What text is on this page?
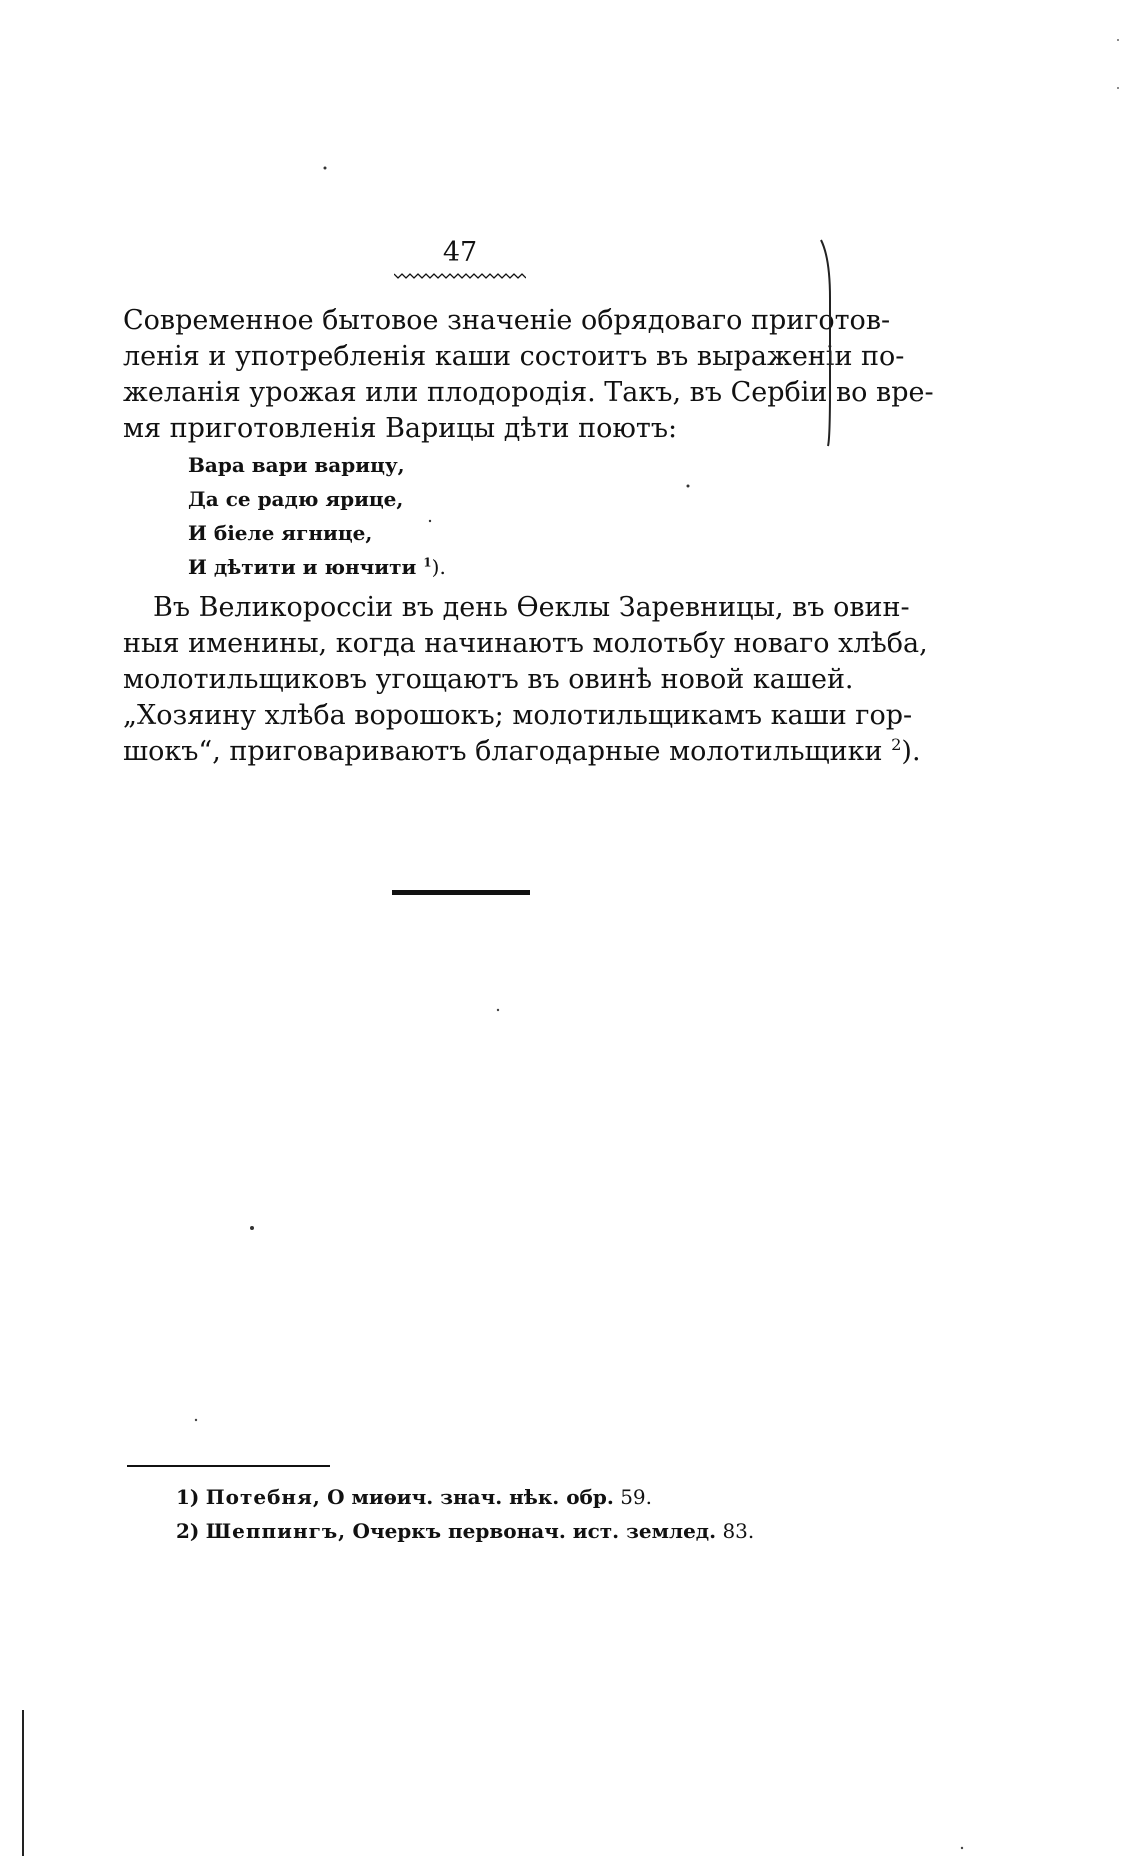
47
Современное бытовое значеніе обрядоваго приготов-
ленія и употребленія каши состоитъ въ выраженіи по-
желанія урожая или плодородія. Такъ, въ Сербіи во вре-
мя приготовленія Варицы дѣти поютъ:
Вара вари варицу,
Да се радю ярице,
И біеле ягнице,
И дѣтити и юнчити $^1$).
Въ Великороссіи въ день Ѳеклы Заревницы, въ овин-
ныя именины, когда начинаютъ молотьбу новаго хлѣба,
молотильщиковъ угощаютъ въ овинѣ новой кашей.
„Хозяину хлѣба ворошокъ; молотильщикамъ каши гор-
шокъ“, приговариваютъ благодарные молотильщики $^2$).
1) Потебня, О миѳич. знач. нѣк. обр. 59.
2) Шеппингъ, Очеркъ первонач. ист. землед. 83.
